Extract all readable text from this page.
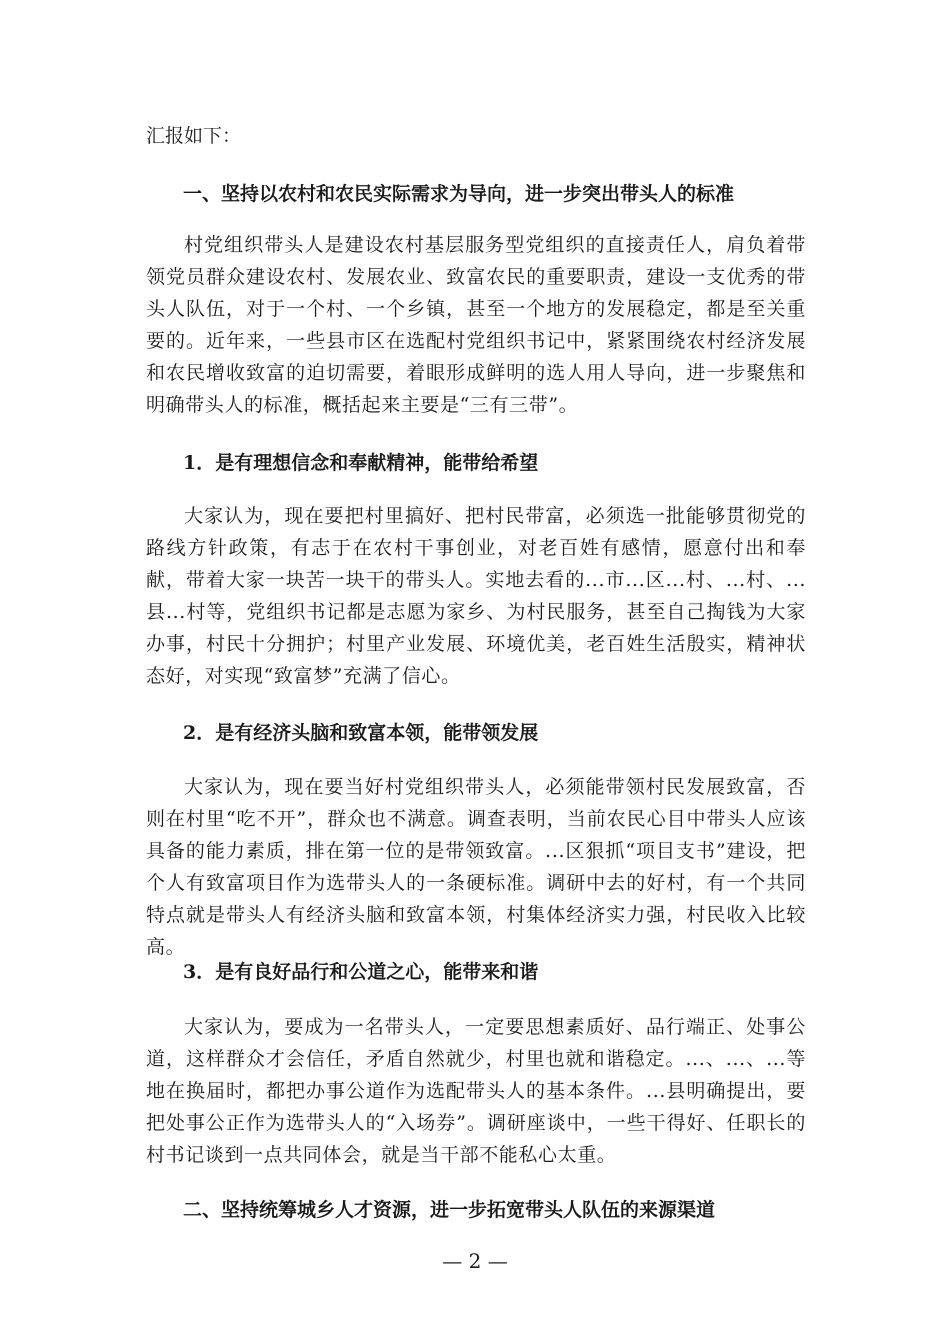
汇报如下：

一、坚持以农村和农民实际需求为导向，进一步突出带头人的标准

村党组织带头人是建设农村基层服务型党组织的直接责任人，肩负着带领党员群众建设农村、发展农业、致富农民的重要职责，建设一支优秀的带头人队伍，对于一个村、一个乡镇，甚至一个地方的发展稳定，都是至关重要的。近年来，一些县市区在选配村党组织书记中，紧紧围绕农村经济发展和农民增收致富的迫切需要，着眼形成鲜明的选人用人导向，进一步聚焦和明确带头人的标准，概括起来主要是“三有三带”。

1．是有理想信念和奉献精神，能带给希望

大家认为，现在要把村里搞好、把村民带富，必须选一批能够贯彻党的路线方针政策，有志于在农村干事创业，对老百姓有感情，愿意付出和奉献，带着大家一块苦一块干的带头人。实地去看的...市...区...村、...村、...县...村等，党组织书记都是志愿为家乡、为村民服务，甚至自己掏钱为大家办事，村民十分拥护；村里产业发展、环境优美，老百姓生活殷实，精神状态好，对实现“致富梦”充满了信心。

2．是有经济头脑和致富本领，能带领发展

大家认为，现在要当好村党组织带头人，必须能带领村民发展致富，否则在村里“吃不开”，群众也不满意。调查表明，当前农民心目中带头人应该具备的能力素质，排在第一位的是带领致富。...区狠抓“项目支书”建设，把个人有致富项目作为选带头人的一条硬标准。调研中去的好村，有一个共同特点就是带头人有经济头脑和致富本领，村集体经济实力强，村民收入比较高。

3．是有良好品行和公道之心，能带来和谐

大家认为，要成为一名带头人，一定要思想素质好、品行端正、处事公道，这样群众才会信任，矛盾自然就少，村里也就和谐稳定。...、...、...等地在换届时，都把办事公道作为选配带头人的基本条件。...县明确提出，要把处事公正作为选带头人的“入场券”。调研座谈中，一些干得好、任职长的村书记谈到一点共同体会，就是当干部不能私心太重。

二、坚持统筹城乡人才资源，进一步拓宽带头人队伍的来源渠道

— 2 —
